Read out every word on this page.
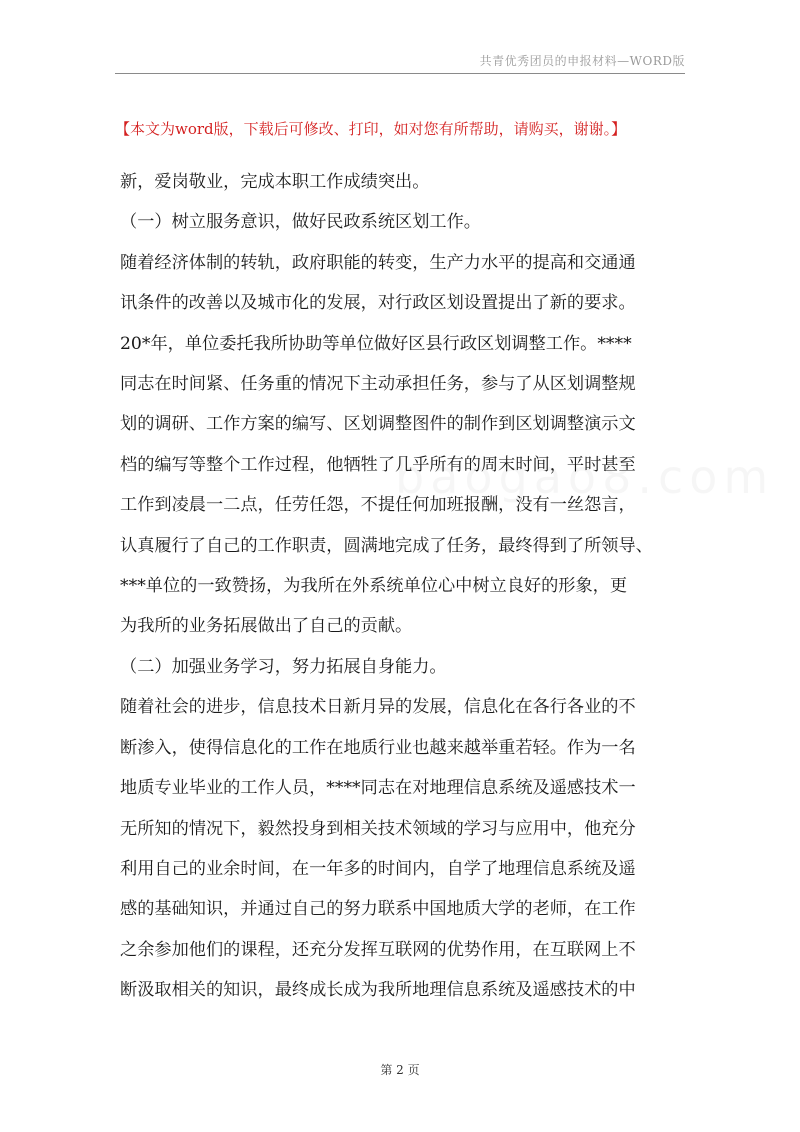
共青优秀团员的申报材料—WORD版
【本文为word版，下载后可修改、打印，如对您有所帮助，请购买，谢谢。】

新，爱岗敬业，完成本职工作成绩突出。

（一）树立服务意识，做好民政系统区划工作。

随着经济体制的转轨，政府职能的转变，生产力水平的提高和交通通

讯条件的改善以及城市化的发展，对行政区划设置提出了新的要求。

20*年，单位委托我所协助等单位做好区县行政区划调整工作。****

同志在时间紧、任务重的情况下主动承担任务，参与了从区划调整规

划的调研、工作方案的编写、区划调整图件的制作到区划调整演示文

档的编写等整个工作过程，他牺牲了几乎所有的周末时间，平时甚至

工作到凌晨一二点，任劳任怨，不提任何加班报酬，没有一丝怨言，

认真履行了自己的工作职责，圆满地完成了任务，最终得到了所领导、

***单位的一致赞扬，为我所在外系统单位心中树立良好的形象，更

为我所的业务拓展做出了自己的贡献。

（二）加强业务学习，努力拓展自身能力。

随着社会的进步，信息技术日新月异的发展，信息化在各行各业的不

断渗入，使得信息化的工作在地质行业也越来越举重若轻。作为一名

地质专业毕业的工作人员，****同志在对地理信息系统及遥感技术一

无所知的情况下，毅然投身到相关技术领域的学习与应用中，他充分

利用自己的业余时间，在一年多的时间内，自学了地理信息系统及遥

感的基础知识，并通过自己的努力联系中国地质大学的老师，在工作

之余参加他们的课程，还充分发挥互联网的优势作用，在互联网上不

断汲取相关的知识，最终成长成为我所地理信息系统及遥感技术的中

第 2 页
